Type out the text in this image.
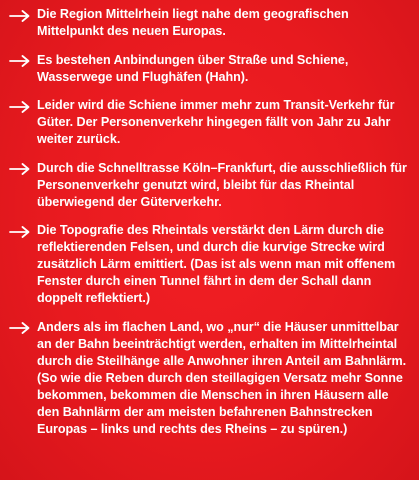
Die Region Mittelrhein liegt nahe dem geografischen Mittelpunkt des neuen Europas.
Es bestehen Anbindungen über Straße und Schiene, Wasserwege und Flughäfen (Hahn).
Leider wird die Schiene immer mehr zum Transit-Verkehr für Güter. Der Personenverkehr hingegen fällt von Jahr zu Jahr weiter zurück.
Durch die Schnelltrasse Köln–Frankfurt, die ausschließlich für Personenverkehr genutzt wird, bleibt für das Rheintal überwiegend der Güterverkehr.
Die Topografie des Rheintals verstärkt den Lärm durch die reflektierenden Felsen, und durch die kurvige Strecke wird zusätzlich Lärm emittiert. (Das ist als wenn man mit offenem Fenster durch einen Tunnel fährt in dem der Schall dann doppelt reflektiert.)
Anders als im flachen Land, wo „nur“ die Häuser unmittelbar an der Bahn beeinträchtigt werden, erhalten im Mittelrheintal durch die Steilhänge alle Anwohner ihren Anteil am Bahnlärm. (So wie die Reben durch den steillagigen Versatz mehr Sonne bekommen, bekommen die Menschen in ihren Häusern alle den Bahnlärm der am meisten befahrenen Bahnstrecken Europas – links und rechts des Rheins – zu spüren.)
